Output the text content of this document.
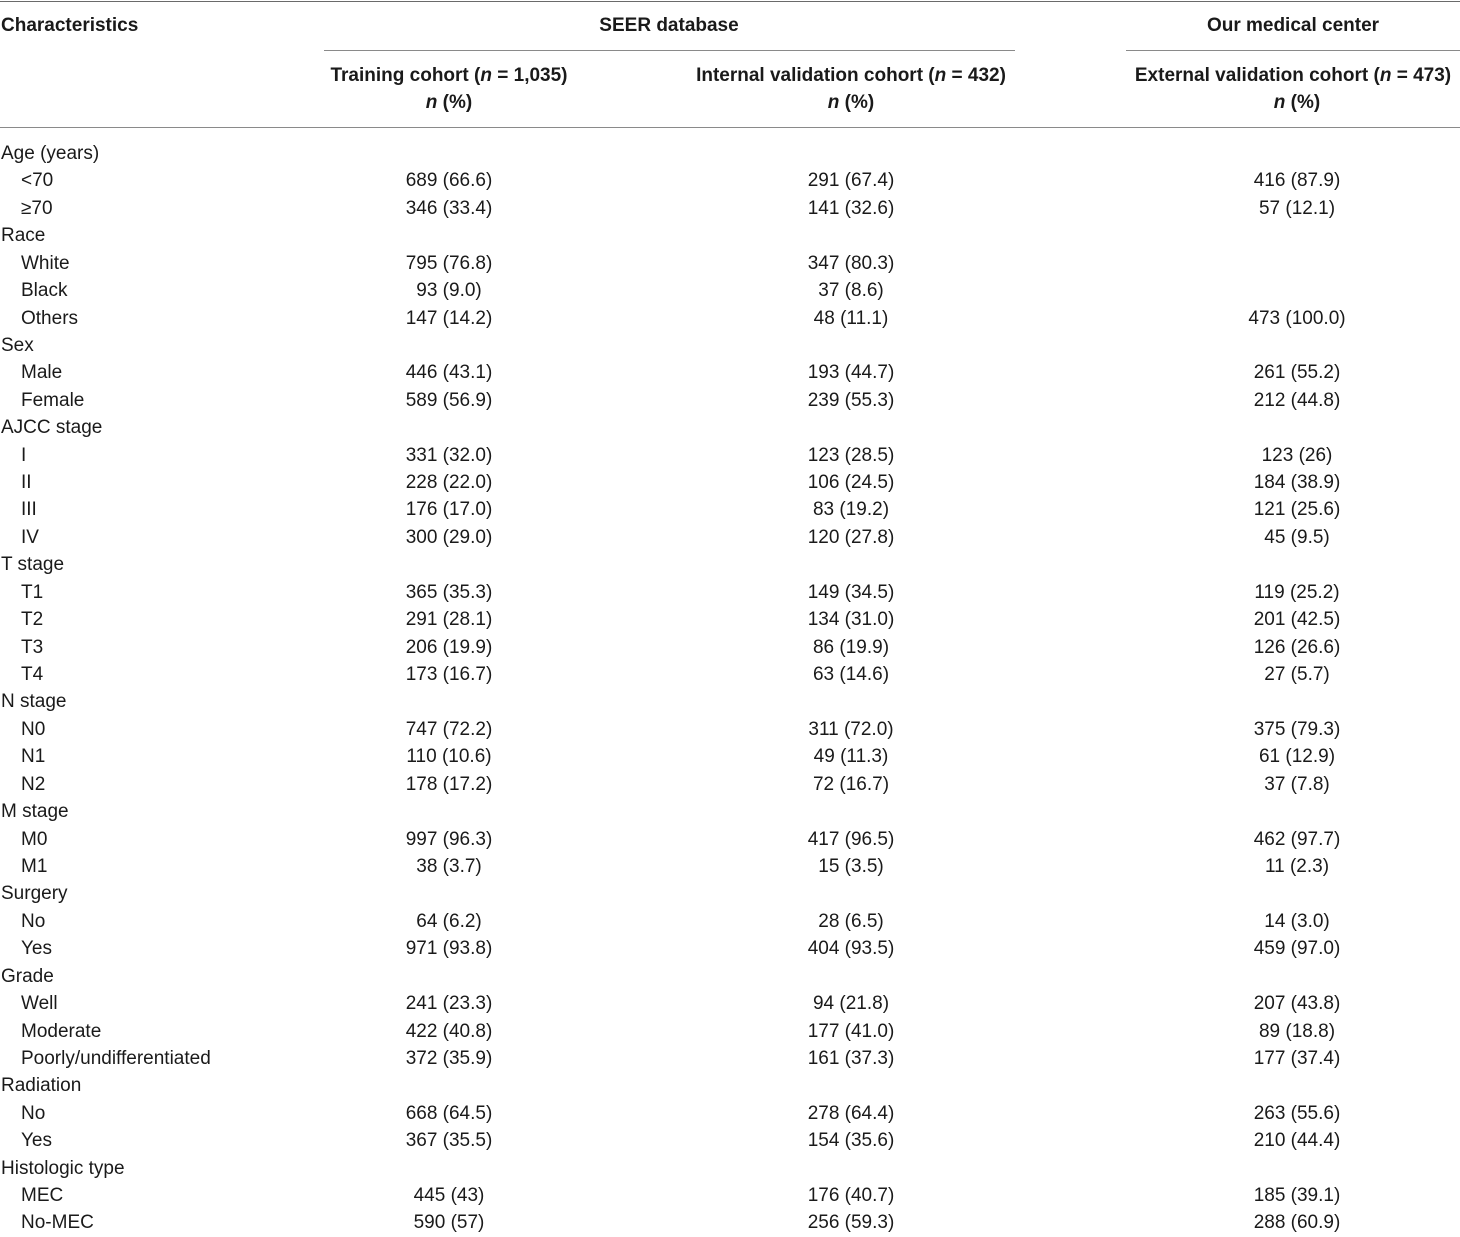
Characteristics	SEER database	Our medical center
Training cohort (n = 1,035)	Internal validation cohort (n = 432)	External validation cohort (n = 473)
n (%)	n (%)	n (%)
Age (years)
<70	689 (66.6)	291 (67.4)	416 (87.9)
≥70	346 (33.4)	141 (32.6)	57 (12.1)
Race
White	795 (76.8)	347 (80.3)
Black	93 (9.0)	37 (8.6)
Others	147 (14.2)	48 (11.1)	473 (100.0)
Sex
Male	446 (43.1)	193 (44.7)	261 (55.2)
Female	589 (56.9)	239 (55.3)	212 (44.8)
AJCC stage
I	331 (32.0)	123 (28.5)	123 (26)
II	228 (22.0)	106 (24.5)	184 (38.9)
III	176 (17.0)	83 (19.2)	121 (25.6)
IV	300 (29.0)	120 (27.8)	45 (9.5)
T stage
T1	365 (35.3)	149 (34.5)	119 (25.2)
T2	291 (28.1)	134 (31.0)	201 (42.5)
T3	206 (19.9)	86 (19.9)	126 (26.6)
T4	173 (16.7)	63 (14.6)	27 (5.7)
N stage
N0	747 (72.2)	311 (72.0)	375 (79.3)
N1	110 (10.6)	49 (11.3)	61 (12.9)
N2	178 (17.2)	72 (16.7)	37 (7.8)
M stage
M0	997 (96.3)	417 (96.5)	462 (97.7)
M1	38 (3.7)	15 (3.5)	11 (2.3)
Surgery
No	64 (6.2)	28 (6.5)	14 (3.0)
Yes	971 (93.8)	404 (93.5)	459 (97.0)
Grade
Well	241 (23.3)	94 (21.8)	207 (43.8)
Moderate	422 (40.8)	177 (41.0)	89 (18.8)
Poorly/undifferentiated	372 (35.9)	161 (37.3)	177 (37.4)
Radiation
No	668 (64.5)	278 (64.4)	263 (55.6)
Yes	367 (35.5)	154 (35.6)	210 (44.4)
Histologic type
MEC	445 (43)	176 (40.7)	185 (39.1)
No-MEC	590 (57)	256 (59.3)	288 (60.9)
